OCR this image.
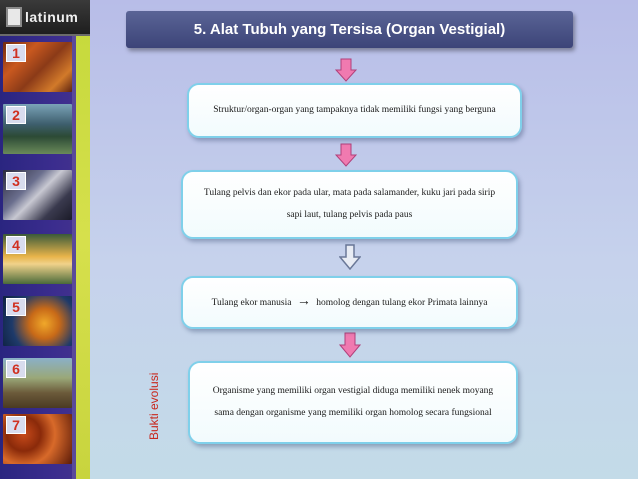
latinum
1
2
3
4
5
6
7
5. Alat Tubuh yang Tersisa (Organ Vestigial)
Struktur/organ-organ yang tampaknya tidak memiliki fungsi yang berguna
Tulang pelvis dan ekor pada ular, mata pada salamander, kuku jari pada sirip sapi laut, tulang pelvis pada paus
Tulang ekor manusia → homolog dengan tulang ekor Primata lainnya
Organisme yang memiliki organ vestigial diduga memiliki nenek moyang sama dengan organisme yang memiliki organ homolog secara fungsional
Bukti evolusi
